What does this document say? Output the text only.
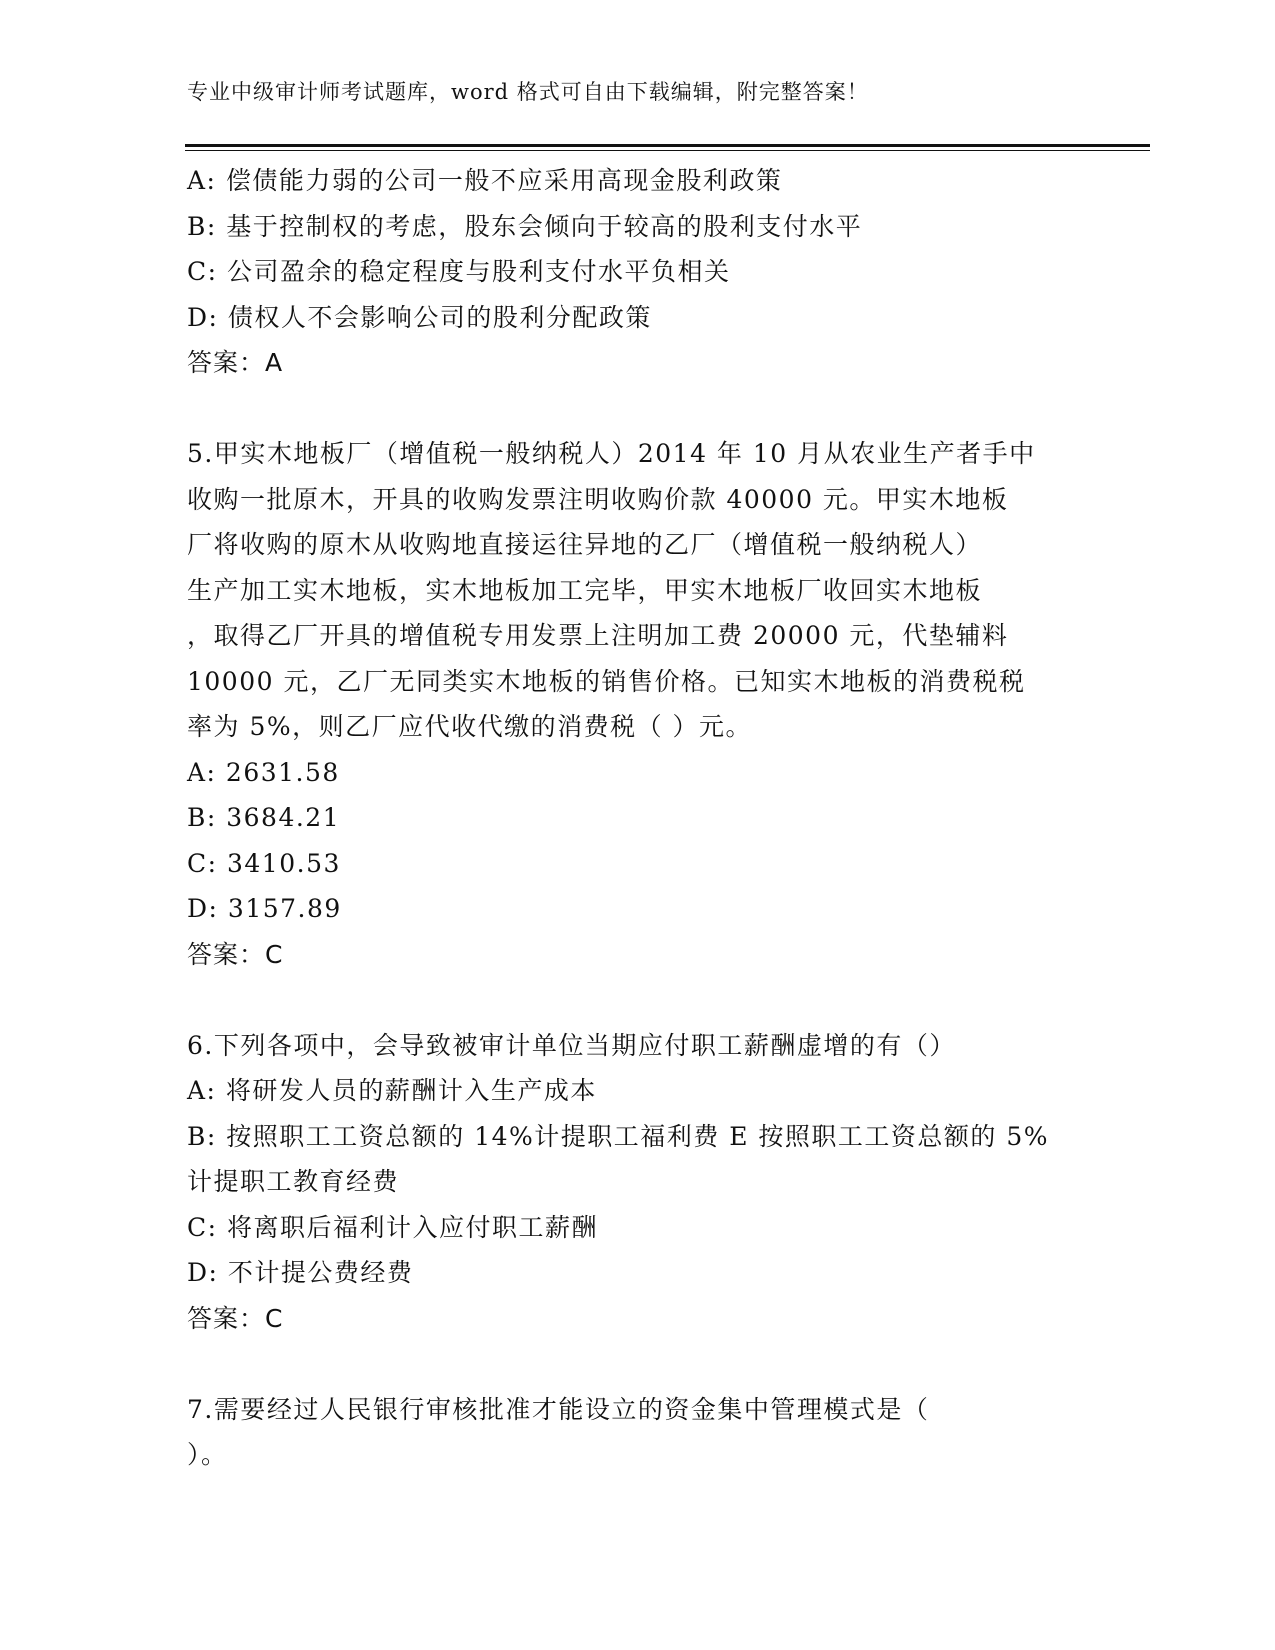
专业中级审计师考试题库，word 格式可自由下载编辑，附完整答案！
A: 偿债能力弱的公司一般不应采用高现金股利政策
B: 基于控制权的考虑，股东会倾向于较高的股利支付水平
C: 公司盈余的稳定程度与股利支付水平负相关
D: 债权人不会影响公司的股利分配政策
答案：A
5.甲实木地板厂（增值税一般纳税人）2014 年 10 月从农业生产者手中
收购一批原木，开具的收购发票注明收购价款 40000 元。甲实木地板
厂将收购的原木从收购地直接运往异地的乙厂（增值税一般纳税人）
生产加工实木地板，实木地板加工完毕，甲实木地板厂收回实木地板
，取得乙厂开具的增值税专用发票上注明加工费 20000 元，代垫辅料
10000 元，乙厂无同类实木地板的销售价格。已知实木地板的消费税税
率为 5%，则乙厂应代收代缴的消费税（ ）元。
A: 2631.58
B: 3684.21
C: 3410.53
D: 3157.89
答案：C
6.下列各项中，会导致被审计单位当期应付职工薪酬虚增的有（）
A: 将研发人员的薪酬计入生产成本
B: 按照职工工资总额的 14%计提职工福利费 E 按照职工工资总额的 5%
计提职工教育经费
C: 将离职后福利计入应付职工薪酬
D: 不计提公费经费
答案：C
7.需要经过人民银行审核批准才能设立的资金集中管理模式是（
）。
